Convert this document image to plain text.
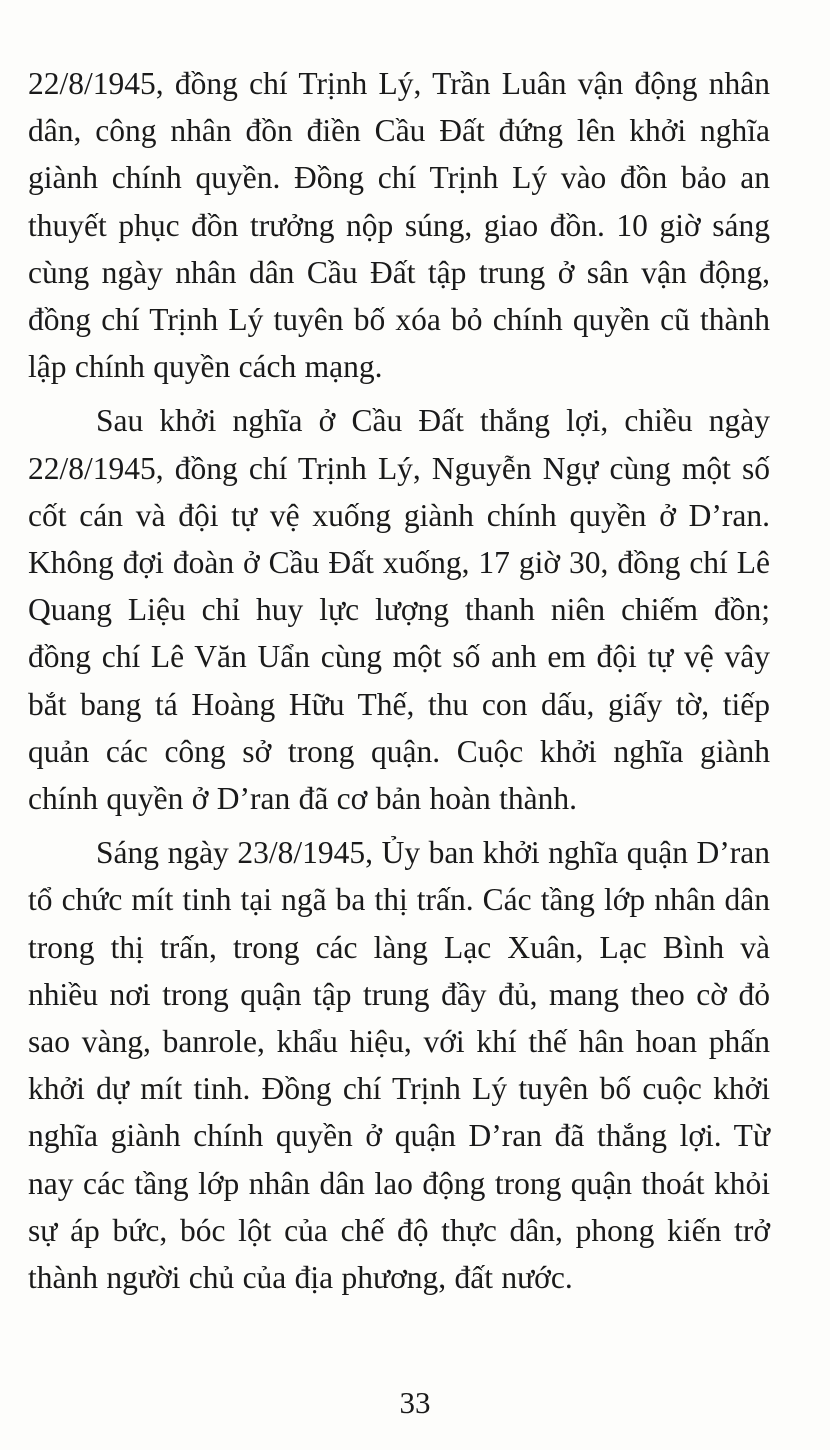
22/8/1945, đồng chí Trịnh Lý, Trần Luân vận động nhân dân, công nhân đồn điền Cầu Đất đứng lên khởi nghĩa giành chính quyền. Đồng chí Trịnh Lý vào đồn bảo an thuyết phục đồn trưởng nộp súng, giao đồn. 10 giờ sáng cùng ngày nhân dân Cầu Đất tập trung ở sân vận động, đồng chí Trịnh Lý tuyên bố xóa bỏ chính quyền cũ thành lập chính quyền cách mạng.

Sau khởi nghĩa ở Cầu Đất thắng lợi, chiều ngày 22/8/1945, đồng chí Trịnh Lý, Nguyễn Ngự cùng một số cốt cán và đội tự vệ xuống giành chính quyền ở D’ran. Không đợi đoàn ở Cầu Đất xuống, 17 giờ 30, đồng chí Lê Quang Liệu chỉ huy lực lượng thanh niên chiếm đồn; đồng chí Lê Văn Uẩn cùng một số anh em đội tự vệ vây bắt bang tá Hoàng Hữu Thế, thu con dấu, giấy tờ, tiếp quản các công sở trong quận. Cuộc khởi nghĩa giành chính quyền ở D’ran đã cơ bản hoàn thành.

Sáng ngày 23/8/1945, Ủy ban khởi nghĩa quận D’ran tổ chức mít tinh tại ngã ba thị trấn. Các tầng lớp nhân dân trong thị trấn, trong các làng Lạc Xuân, Lạc Bình và nhiều nơi trong quận tập trung đầy đủ, mang theo cờ đỏ sao vàng, banrole, khẩu hiệu, với khí thế hân hoan phấn khởi dự mít tinh. Đồng chí Trịnh Lý tuyên bố cuộc khởi nghĩa giành chính quyền ở quận D’ran đã thắng lợi. Từ nay các tầng lớp nhân dân lao động trong quận thoát khỏi sự áp bức, bóc lột của chế độ thực dân, phong kiến trở thành người chủ của địa phương, đất nước.

33
